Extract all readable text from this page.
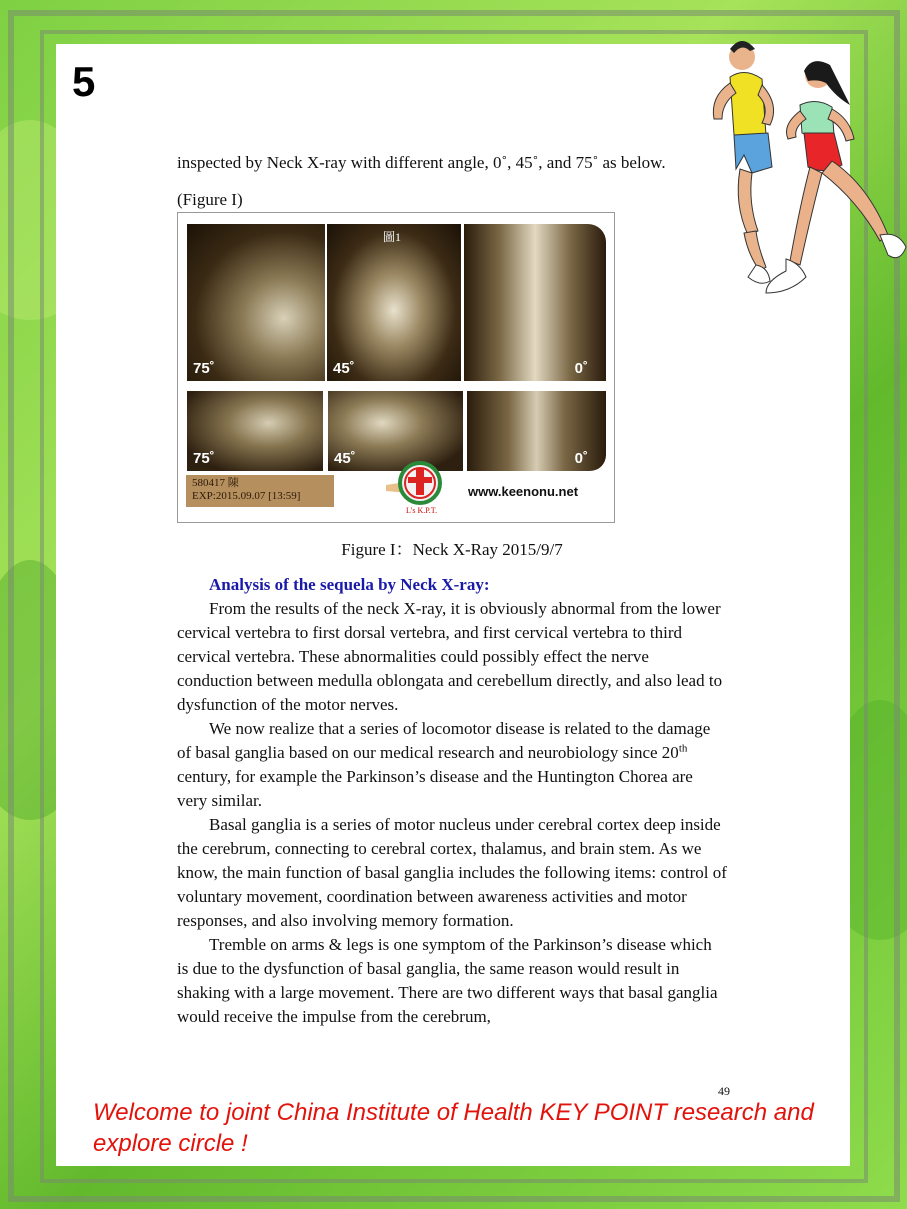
5
inspected by Neck X-ray with different angle, 0˚, 45˚, and 75˚ as below.
(Figure I)
75˚
圖1
45˚	0˚
75˚	45˚	0˚
580417 陳
EXP:2015.09.07 [13:59]
L's K.P.T.
www.keenonu.net
Figure I：Neck X-Ray 2015/9/7
Analysis of the sequela by Neck X-ray:

From the results of the neck X-ray, it is obviously abnormal from the lower cervical vertebra to first dorsal vertebra, and first cervical vertebra to third cervical vertebra. These abnormalities could possibly effect the nerve conduction between medulla oblongata and cerebellum directly, and also lead to dysfunction of the motor nerves.

We now realize that a series of locomotor disease is related to the damage of basal ganglia based on our medical research and neurobiology since 20th century, for example the Parkinson’s disease and the Huntington Chorea are very similar.

Basal ganglia is a series of motor nucleus under cerebral cortex deep inside the cerebrum, connecting to cerebral cortex, thalamus, and brain stem. As we know, the main function of basal ganglia includes the following items: control of voluntary movement, coordination between awareness activities and motor responses, and also involving memory formation.

Tremble on arms & legs is one symptom of the Parkinson’s disease which is due to the dysfunction of basal ganglia, the same reason would result in shaking with a large movement. There are two different ways that basal ganglia would receive the impulse from the cerebrum,

49
Welcome to joint China Institute of Health KEY POINT research and explore circle !
